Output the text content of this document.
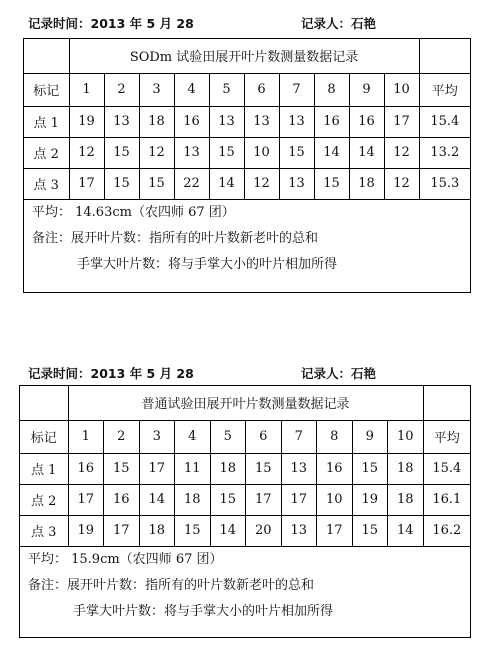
记录时间：2013 年 5 月 28	记录人：石艳
	SODm 试验田展开叶片数测量数据记录										
标记	1	2	3	4	5	6	7	8	9	10	平均
点 1	19	13	18	16	13	13	13	16	16	17	15.4
点 2	12	15	12	13	15	10	15	14	14	12	13.2
点 3	17	15	15	22	14	12	13	15	18	12	15.3
平均： 14.63cm（农四师 67 团）
备注：展开叶片数：指所有的叶片数新老叶的总和
手掌大叶片数：将与手掌大小的叶片相加所得
记录时间：2013 年 5 月 28	记录人：石艳
	普通试验田展开叶片数测量数据记录										
标记	1	2	3	4	5	6	7	8	9	10	平均
点 1	16	15	17	11	18	15	13	16	15	18	15.4
点 2	17	16	14	18	15	17	17	10	19	18	16.1
点 3	19	17	18	15	14	20	13	17	15	14	16.2
平均： 15.9cm（农四师 67 团）
备注：展开叶片数：指所有的叶片数新老叶的总和
手掌大叶片数：将与手掌大小的叶片相加所得
